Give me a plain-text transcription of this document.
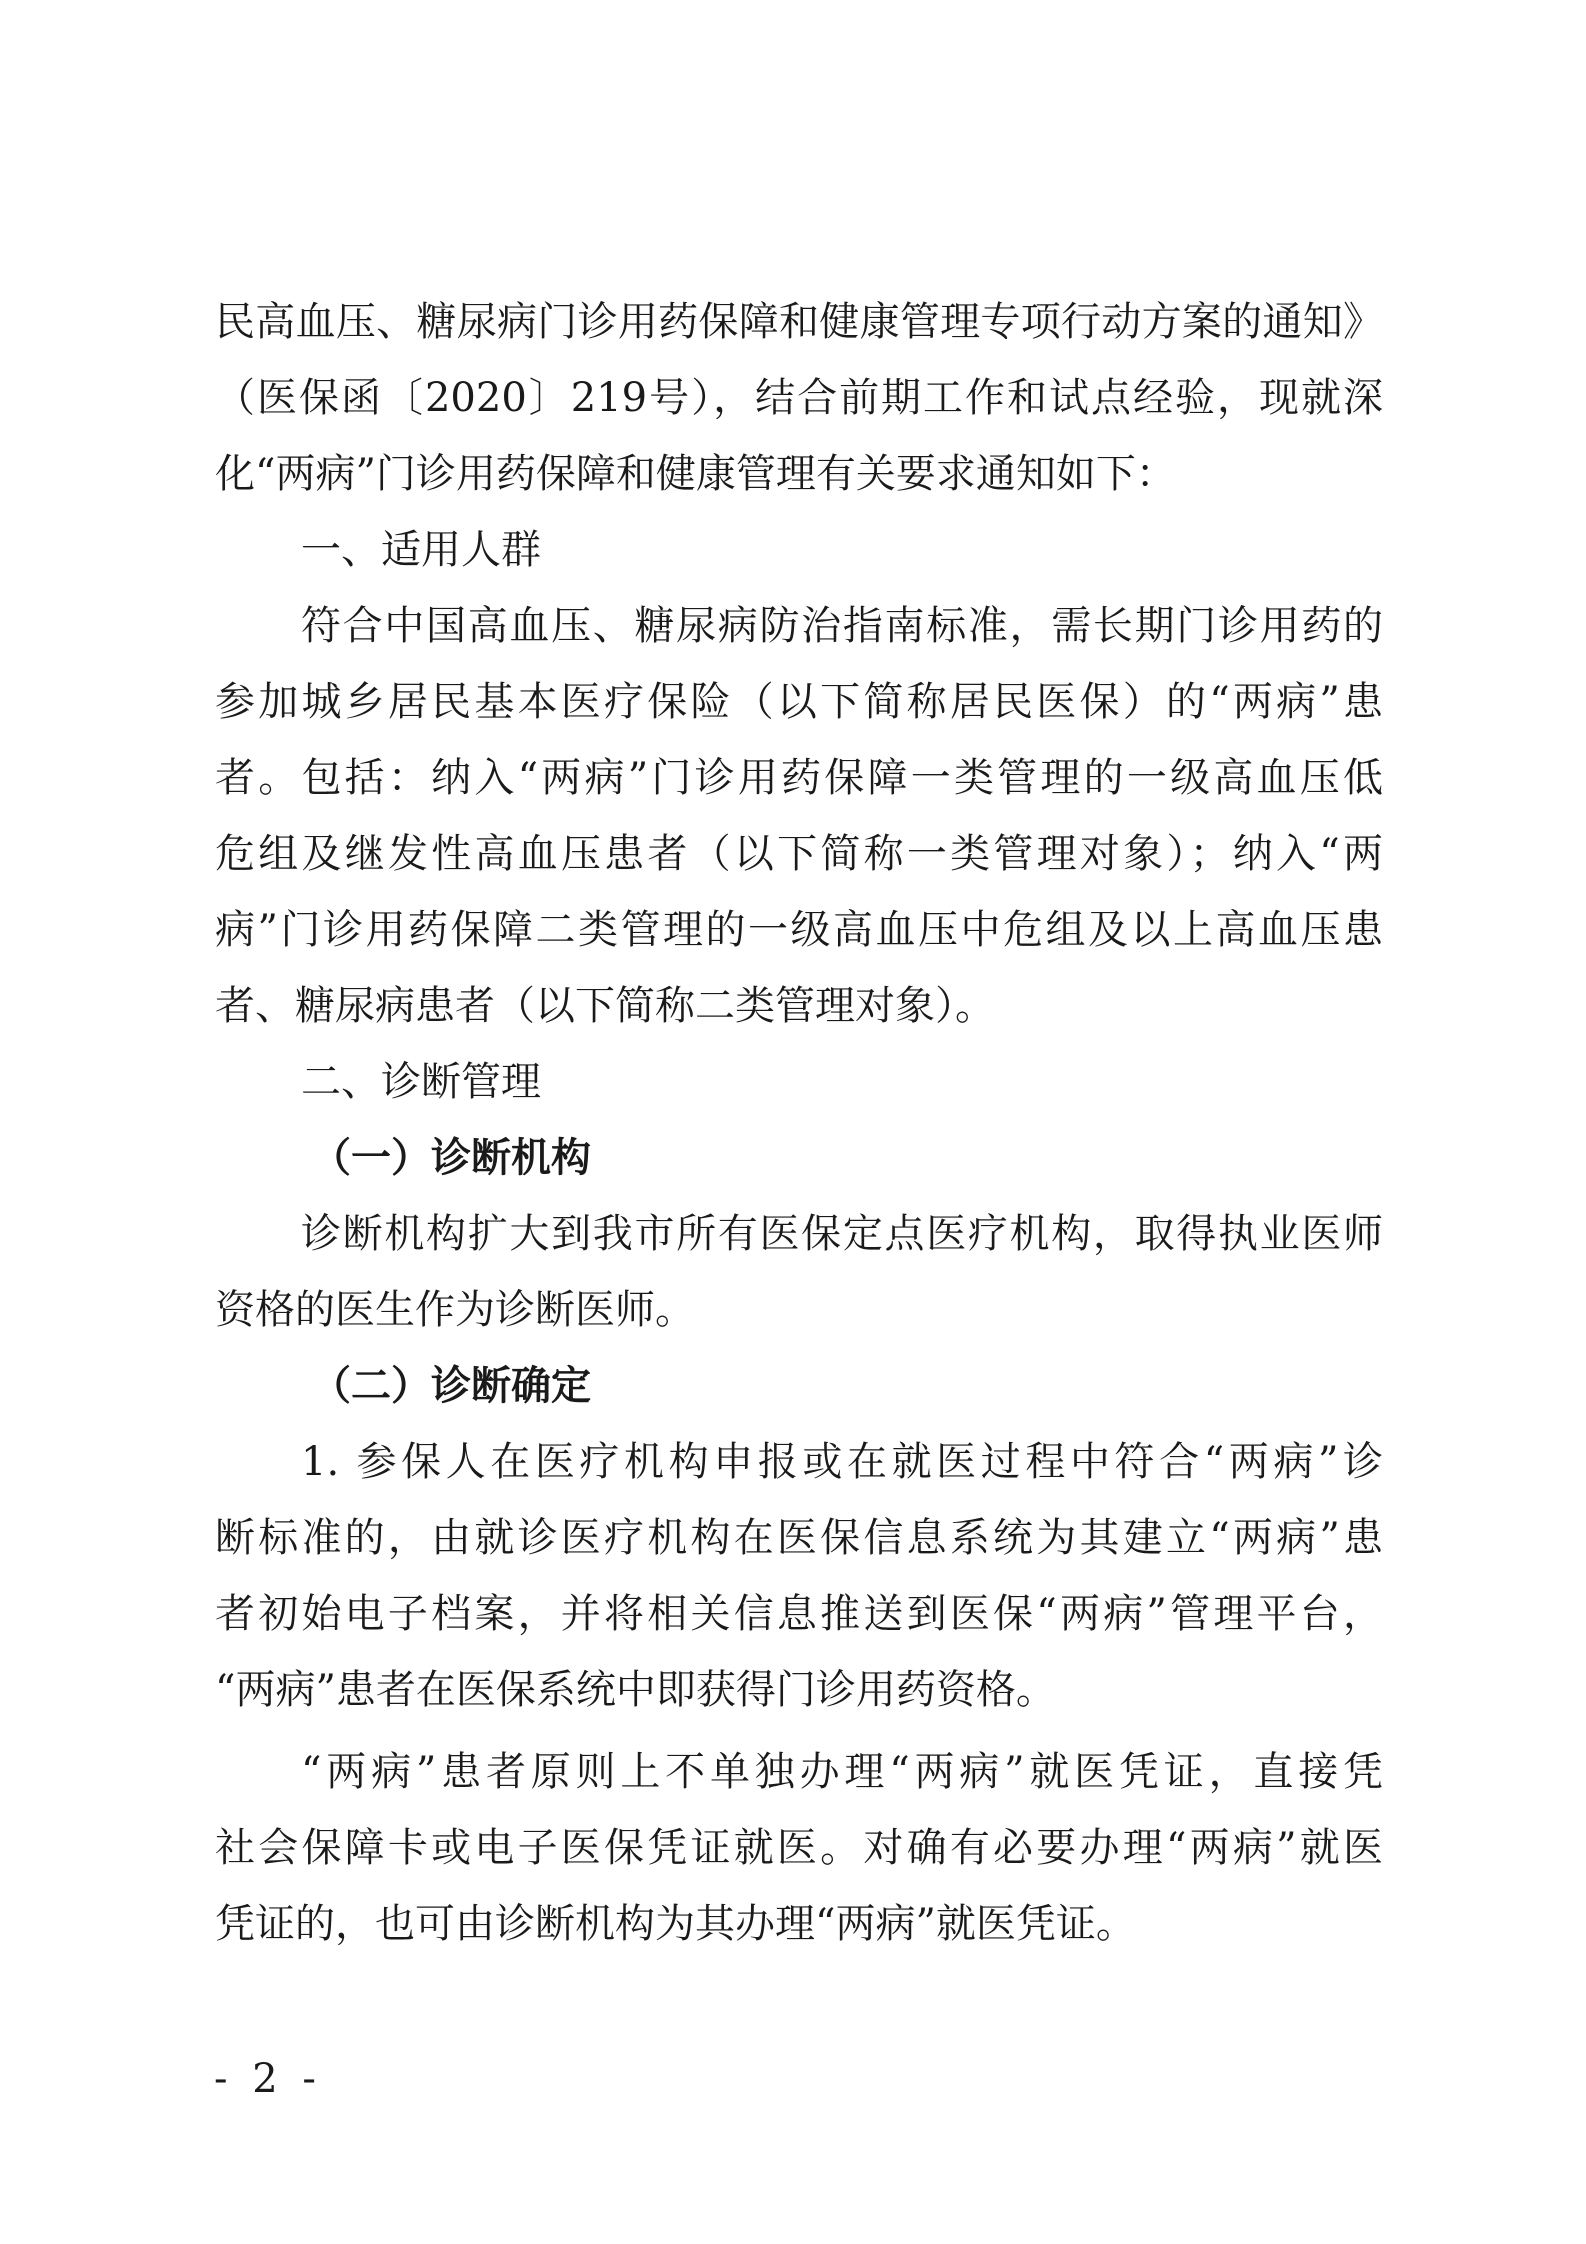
民高血压、糖尿病门诊用药保障和健康管理专项行动方案的通知》
（医保函〔2020〕219号），结合前期工作和试点经验，现就深
化“两病”门诊用药保障和健康管理有关要求通知如下：
一、适用人群
符合中国高血压、糖尿病防治指南标准，需长期门诊用药的
参加城乡居民基本医疗保险（以下简称居民医保）的“两病”患
者。包括：纳入“两病”门诊用药保障一类管理的一级高血压低
危组及继发性高血压患者（以下简称一类管理对象）；纳入“两
病”门诊用药保障二类管理的一级高血压中危组及以上高血压患
者、糖尿病患者（以下简称二类管理对象）。
二、诊断管理
（一）诊断机构
诊断机构扩大到我市所有医保定点医疗机构，取得执业医师
资格的医生作为诊断医师。
（二）诊断确定
1. 参保人在医疗机构申报或在就医过程中符合“两病”诊
断标准的，由就诊医疗机构在医保信息系统为其建立“两病”患
者初始电子档案，并将相关信息推送到医保“两病”管理平台，
“两病”患者在医保系统中即获得门诊用药资格。
“两病”患者原则上不单独办理“两病”就医凭证，直接凭
社会保障卡或电子医保凭证就医。对确有必要办理“两病”就医
凭证的，也可由诊断机构为其办理“两病”就医凭证。
- 2 -
